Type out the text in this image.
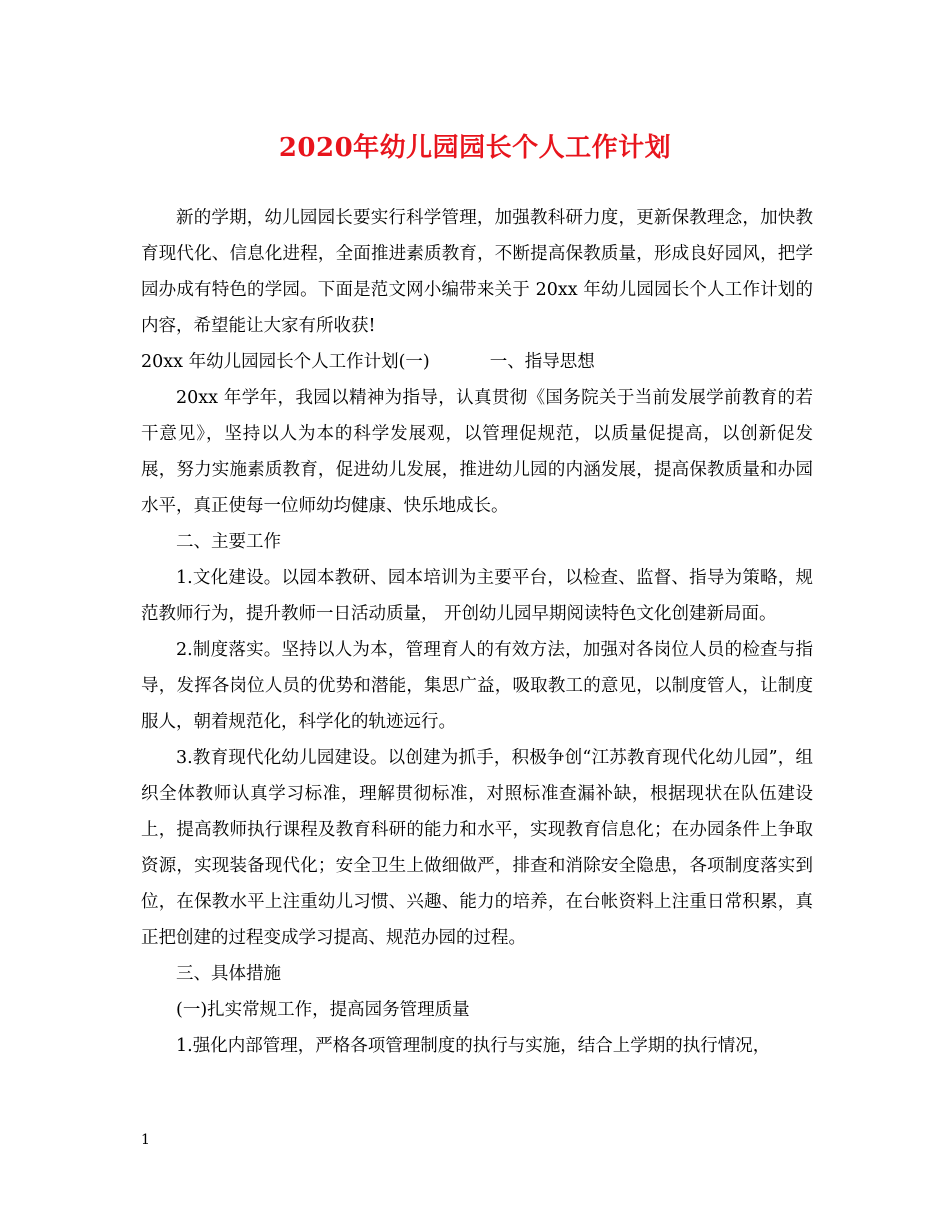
2020年幼儿园园长个人工作计划

新的学期，幼儿园园长要实行科学管理，加强教科研力度，更新保教理念，加快教育现代化、信息化进程，全面推进素质教育，不断提高保教质量，形成良好园风，把学园办成有特色的学园。下面是范文网小编带来关于 20xx 年幼儿园园长个人工作计划的内容，希望能让大家有所收获!

20xx 年幼儿园园长个人工作计划(一)	一、指导思想

20xx 年学年，我园以精神为指导，认真贯彻《国务院关于当前发展学前教育的若干意见》，坚持以人为本的科学发展观，以管理促规范，以质量促提高，以创新促发展，努力实施素质教育，促进幼儿发展，推进幼儿园的内涵发展，提高保教质量和办园水平，真正使每一位师幼均健康、快乐地成长。

二、主要工作

1.文化建设。以园本教研、园本培训为主要平台，以检查、监督、指导为策略，规范教师行为，提升教师一日活动质量， 开创幼儿园早期阅读特色文化创建新局面。

2.制度落实。坚持以人为本，管理育人的有效方法，加强对各岗位人员的检查与指导，发挥各岗位人员的优势和潜能，集思广益，吸取教工的意见，以制度管人，让制度服人，朝着规范化，科学化的轨迹远行。

3.教育现代化幼儿园建设。以创建为抓手，积极争创“江苏教育现代化幼儿园”，组织全体教师认真学习标准，理解贯彻标准，对照标准查漏补缺，根据现状在队伍建设上，提高教师执行课程及教育科研的能力和水平，实现教育信息化；在办园条件上争取资源，实现装备现代化；安全卫生上做细做严，排查和消除安全隐患，各项制度落实到位，在保教水平上注重幼儿习惯、兴趣、能力的培养，在台帐资料上注重日常积累，真正把创建的过程变成学习提高、规范办园的过程。

三、具体措施

(一)扎实常规工作，提高园务管理质量

1.强化内部管理，严格各项管理制度的执行与实施，结合上学期的执行情况，

1
